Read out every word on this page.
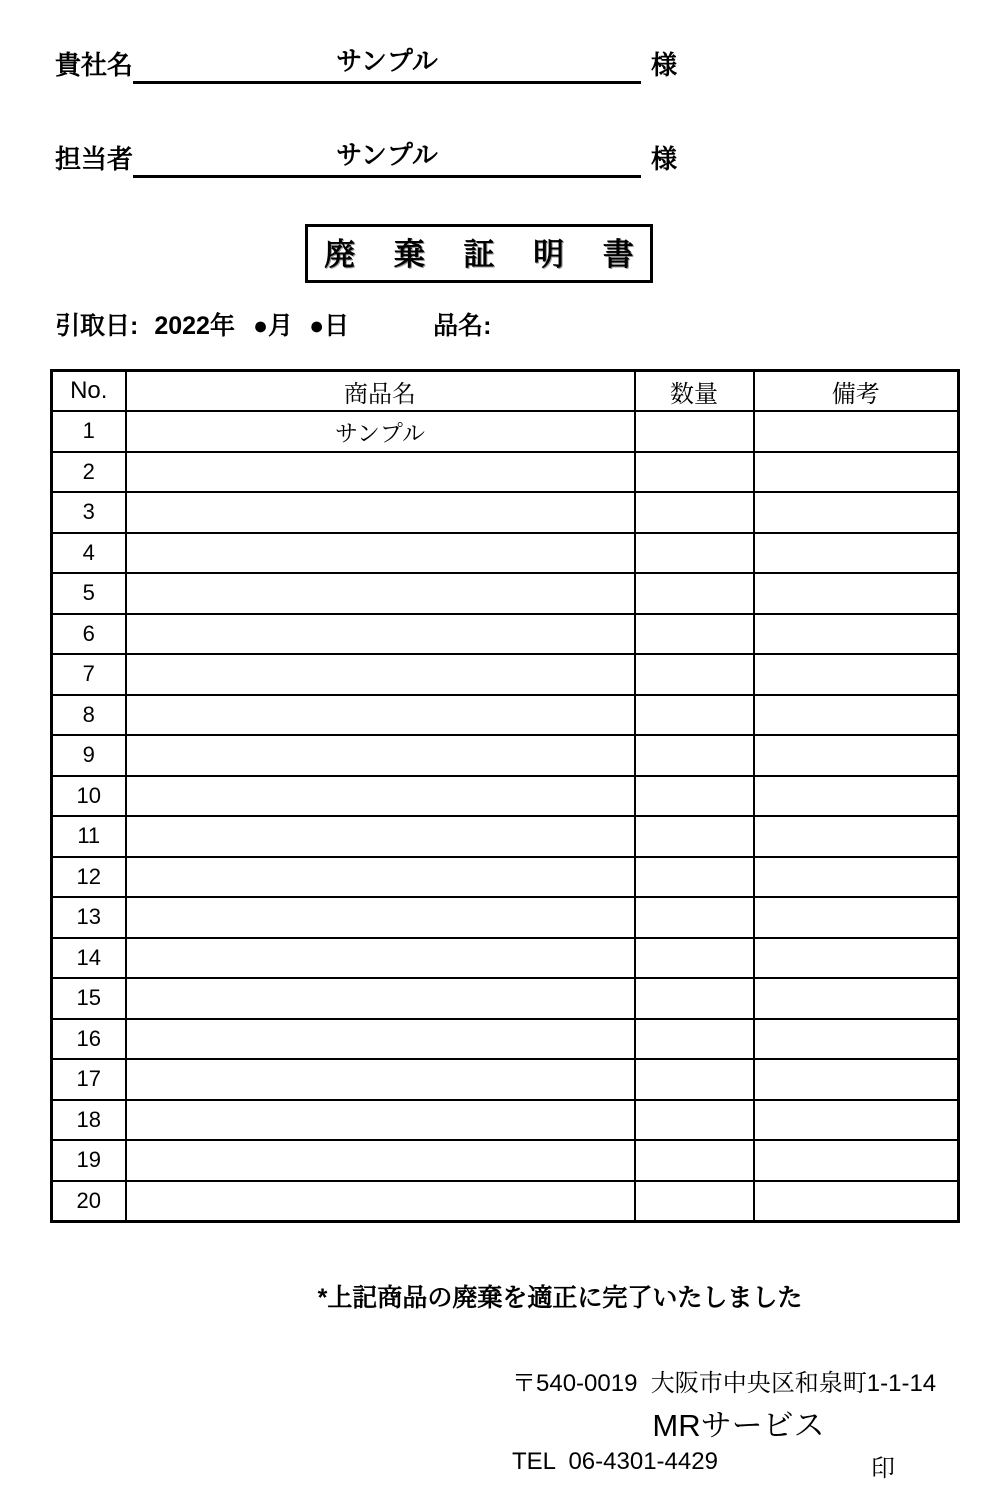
貴社名	サンプル	様
担当者	サンプル	様
廃 棄 証 明 書
引取日: 2022年 ●月 ●日	品名:
No.	商品名	数量	備考
1	サンプル		
2			
3			
4			
5			
6			
7			
8			
9			
10			
11			
12			
13			
14			
15			
16			
17			
18			
19			
20			
*上記商品の廃棄を適正に完了いたしました
〒540-0019  大阪市中央区和泉町1-1-14
MRサービス
TEL  06-4301-4429	印
